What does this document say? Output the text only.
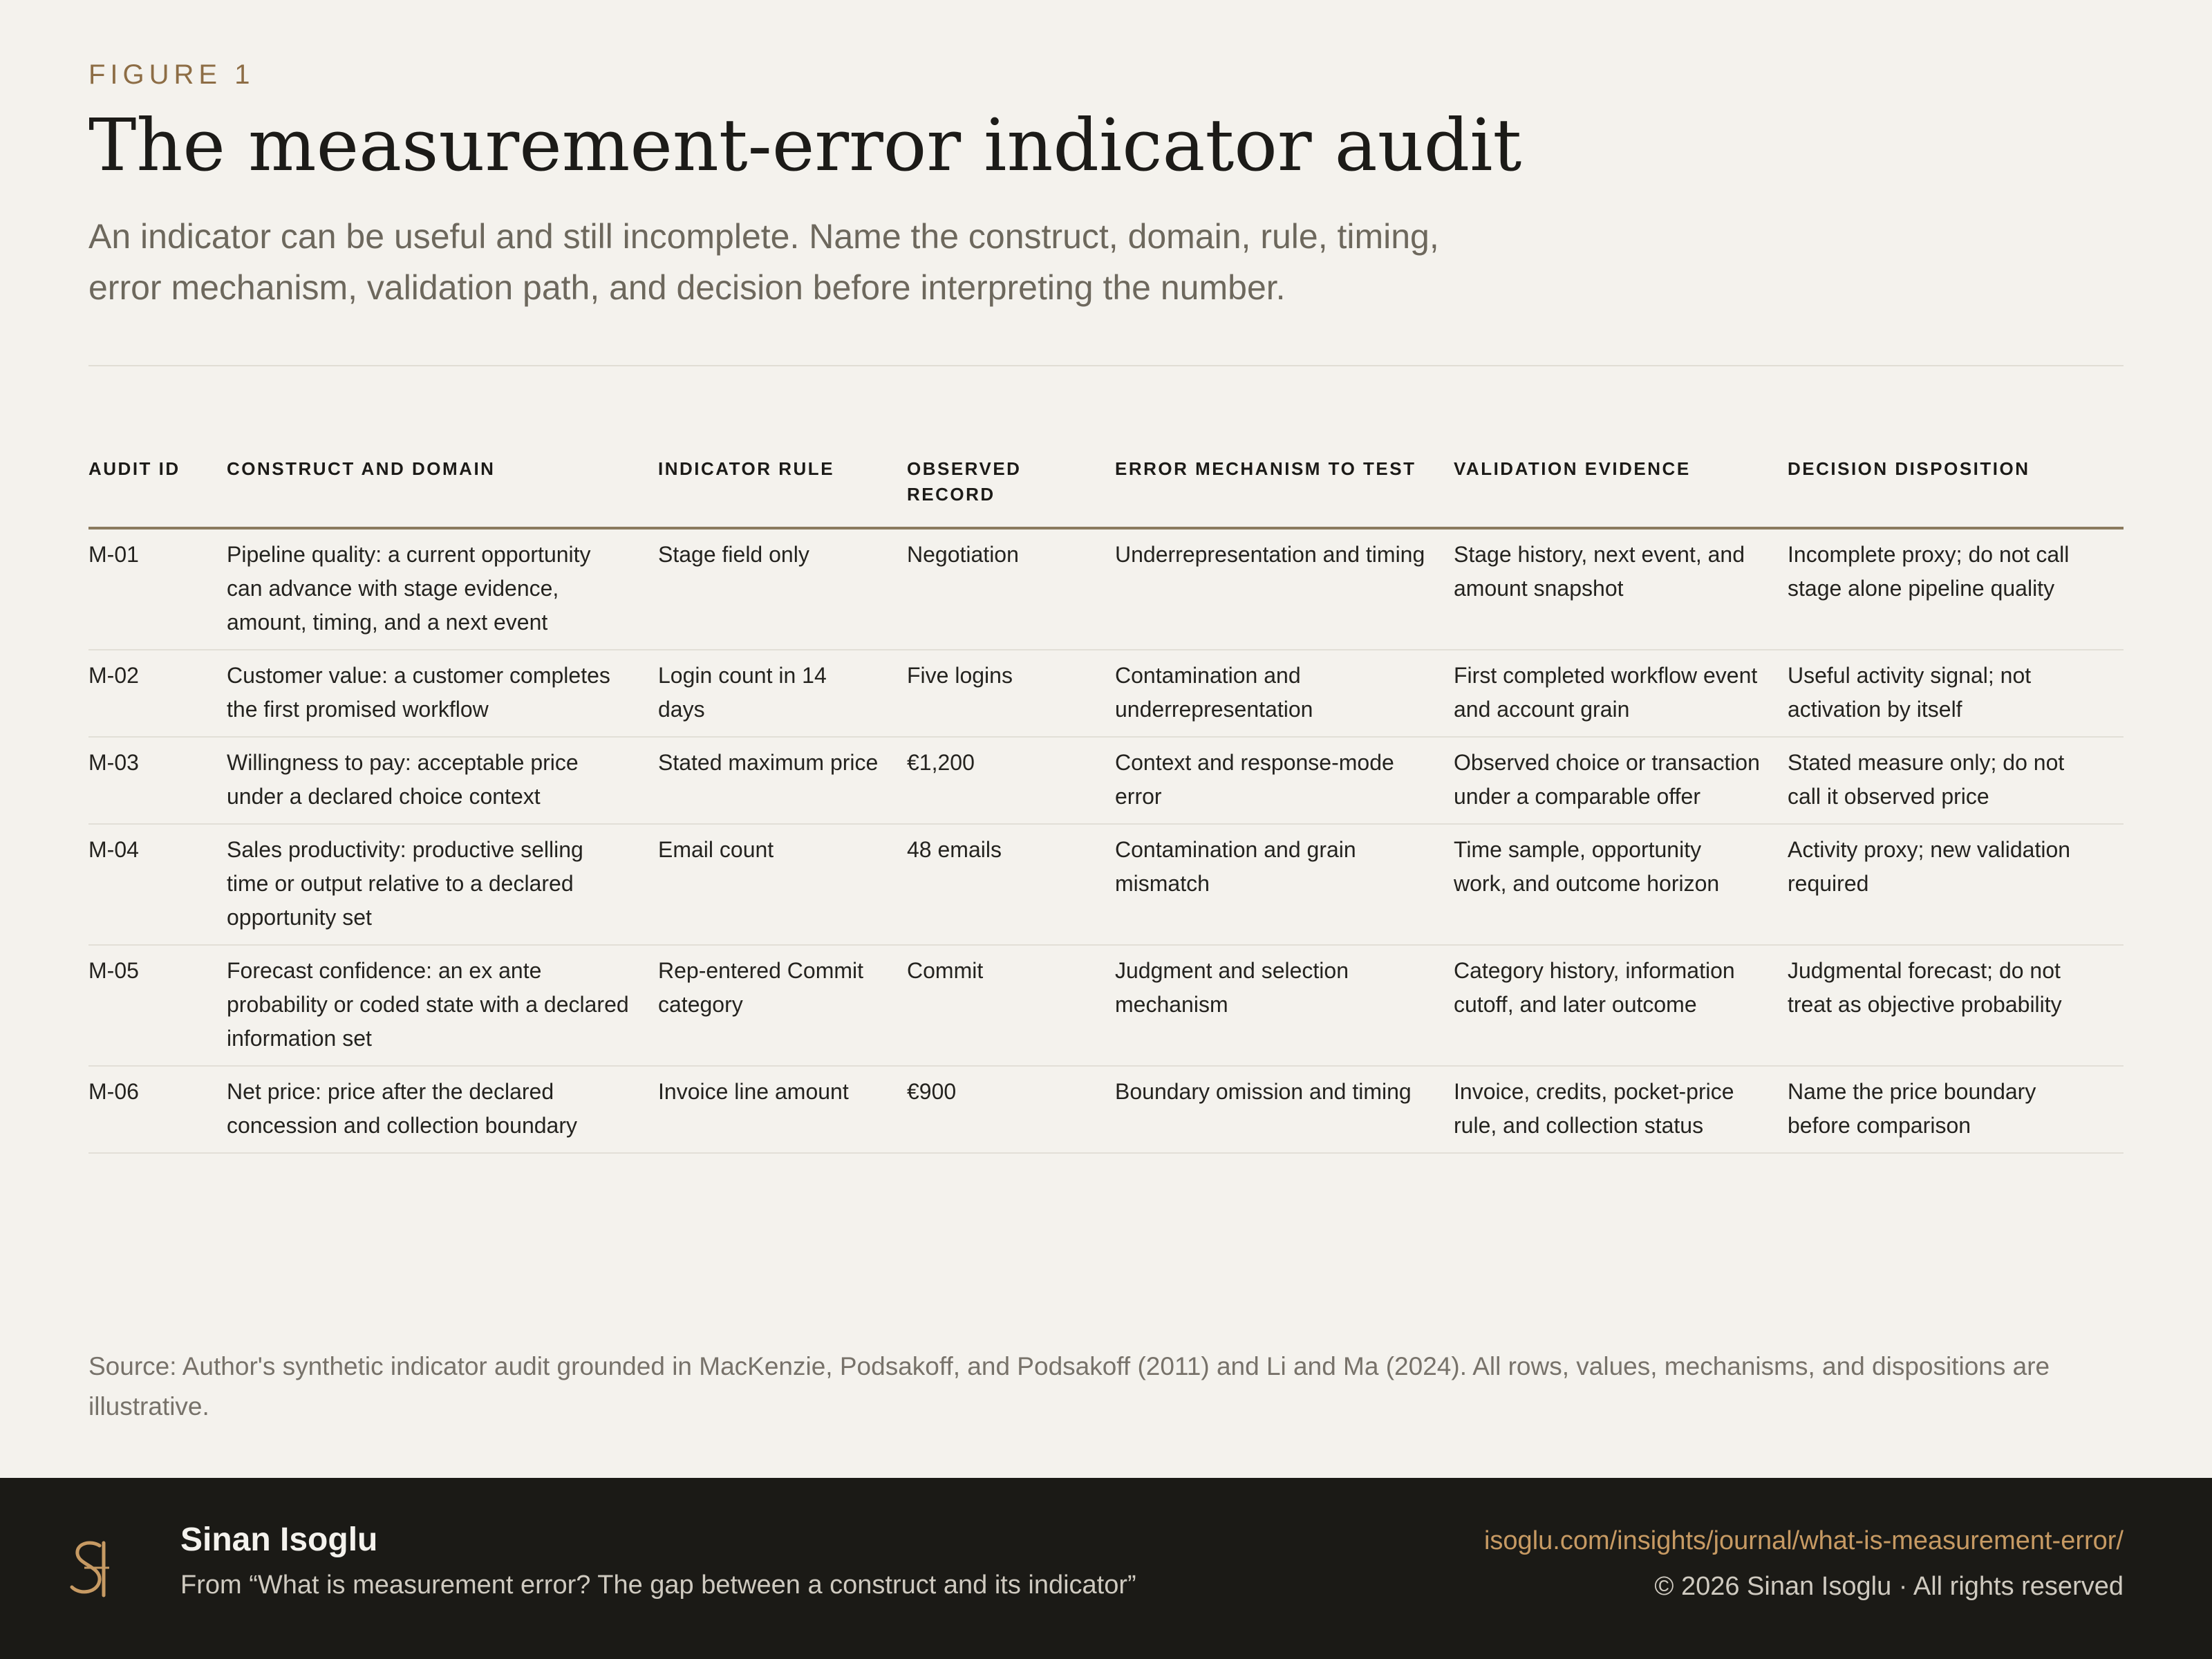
FIGURE 1
The measurement-error indicator audit

An indicator can be useful and still incomplete. Name the construct, domain, rule, timing, error mechanism, validation path, and decision before interpreting the number.

AUDIT ID	CONSTRUCT AND DOMAIN	INDICATOR RULE	OBSERVED RECORD	ERROR MECHANISM TO TEST	VALIDATION EVIDENCE	DECISION DISPOSITION
M-01	Pipeline quality: a current opportunity can advance with stage evidence, amount, timing, and a next event	Stage field only	Negotiation	Underrepresentation and timing	Stage history, next event, and amount snapshot	Incomplete proxy; do not call stage alone pipeline quality
M-02	Customer value: a customer completes the first promised workflow	Login count in 14 days	Five logins	Contamination and underrepresentation	First completed workflow event and account grain	Useful activity signal; not activation by itself
M-03	Willingness to pay: acceptable price under a declared choice context	Stated maximum price	€1,200	Context and response-mode error	Observed choice or transaction under a comparable offer	Stated measure only; do not call it observed price
M-04	Sales productivity: productive selling time or output relative to a declared opportunity set	Email count	48 emails	Contamination and grain mismatch	Time sample, opportunity work, and outcome horizon	Activity proxy; new validation required
M-05	Forecast confidence: an ex ante probability or coded state with a declared information set	Rep-entered Commit category	Commit	Judgment and selection mechanism	Category history, information cutoff, and later outcome	Judgmental forecast; do not treat as objective probability
M-06	Net price: price after the declared concession and collection boundary	Invoice line amount	€900	Boundary omission and timing	Invoice, credits, pocket-price rule, and collection status	Name the price boundary before comparison

Source: Author's synthetic indicator audit grounded in MacKenzie, Podsakoff, and Podsakoff (2011) and Li and Ma (2024). All rows, values, mechanisms, and dispositions are illustrative.

Sinan Isoglu
From “What is measurement error? The gap between a construct and its indicator”
isoglu.com/insights/journal/what-is-measurement-error/
© 2026 Sinan Isoglu · All rights reserved
